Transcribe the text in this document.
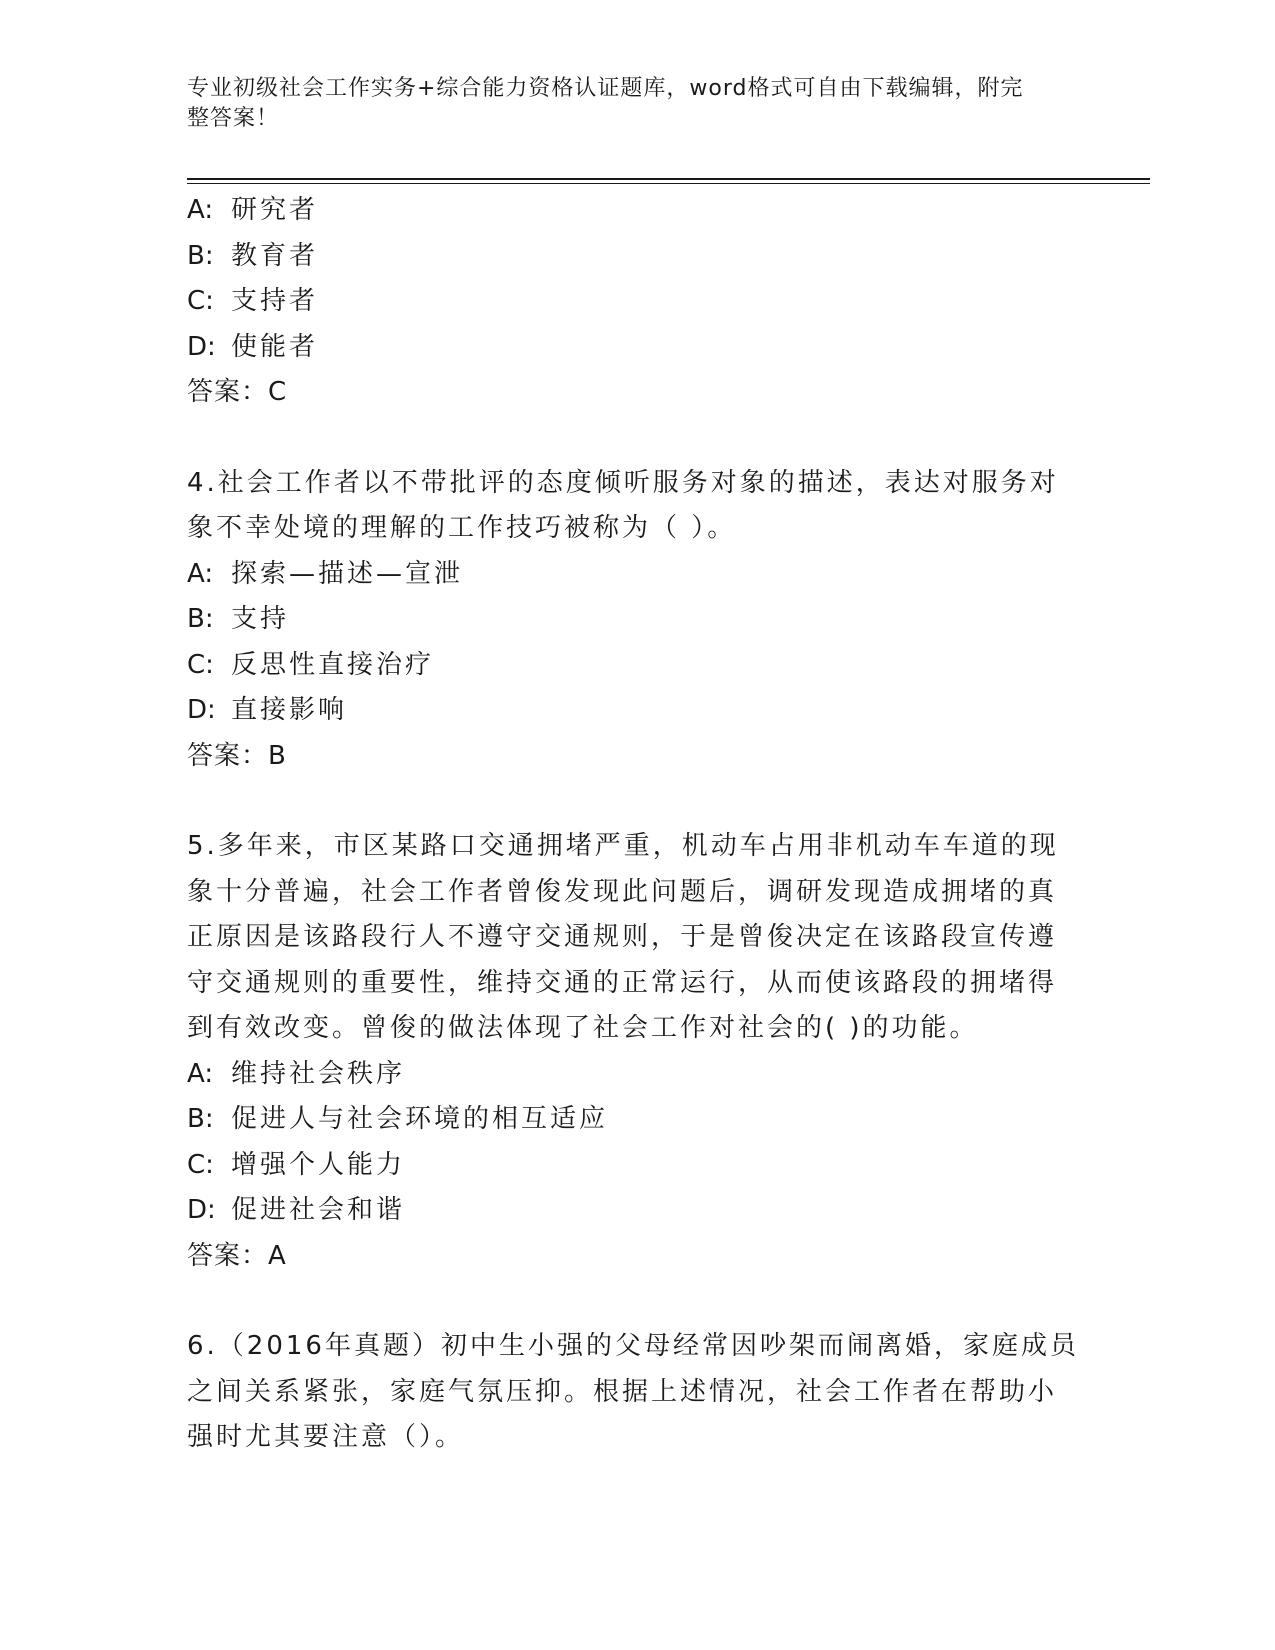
专业初级社会工作实务+综合能力资格认证题库，word格式可自由下载编辑，附完
整答案！
A: 研究者
B: 教育者
C: 支持者
D: 使能者
答案：C
4.社会工作者以不带批评的态度倾听服务对象的描述，表达对服务对
象不幸处境的理解的工作技巧被称为（ ）。
A: 探索—描述—宣泄
B: 支持
C: 反思性直接治疗
D: 直接影响
答案：B
5.多年来，市区某路口交通拥堵严重，机动车占用非机动车车道的现
象十分普遍，社会工作者曾俊发现此问题后，调研发现造成拥堵的真
正原因是该路段行人不遵守交通规则，于是曾俊决定在该路段宣传遵
守交通规则的重要性，维持交通的正常运行，从而使该路段的拥堵得
到有效改变。曾俊的做法体现了社会工作对社会的( )的功能。
A: 维持社会秩序
B: 促进人与社会环境的相互适应
C: 增强个人能力
D: 促进社会和谐
答案：A
6.（2016年真题）初中生小强的父母经常因吵架而闹离婚，家庭成员
之间关系紧张，家庭气氛压抑。根据上述情况，社会工作者在帮助小
强时尤其要注意（）。
